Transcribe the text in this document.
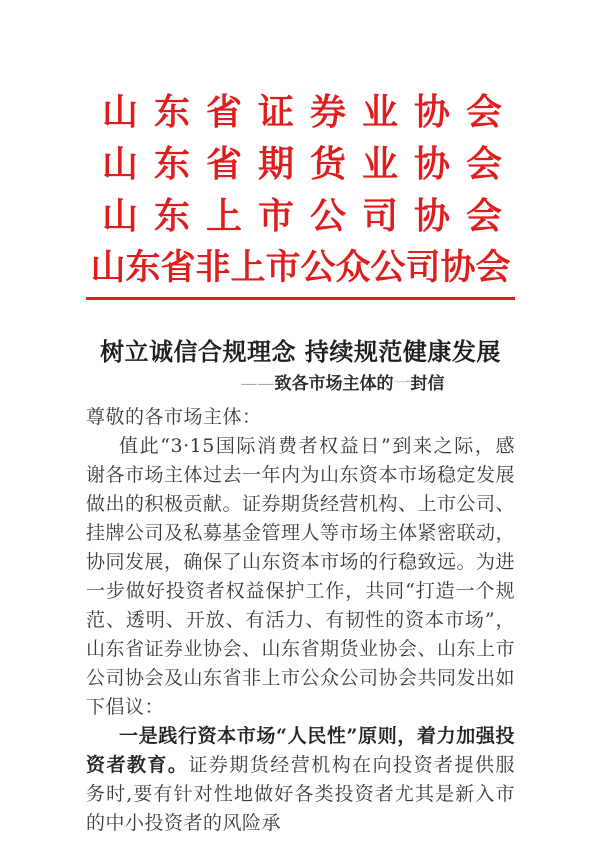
山东省证券业协会
山东省期货业协会
山东上市公司协会
山东省非上市公众公司协会
树立诚信合规理念 持续规范健康发展
——致各市场主体的一封信

尊敬的各市场主体：

值此“3·15国际消费者权益日”到来之际，感谢各市场主体过去一年内为山东资本市场稳定发展做出的积极贡献。证券期货经营机构、上市公司、挂牌公司及私募基金管理人等市场主体紧密联动，协同发展，确保了山东资本市场的行稳致远。为进一步做好投资者权益保护工作，共同“打造一个规范、透明、开放、有活力、有韧性的资本市场”，山东省证券业协会、山东省期货业协会、山东上市公司协会及山东省非上市公众公司协会共同发出如下倡议：

一是践行资本市场“人民性”原则，着力加强投资者教育。证券期货经营机构在向投资者提供服务时,要有针对性地做好各类投资者尤其是新入市的中小投资者的风险承
